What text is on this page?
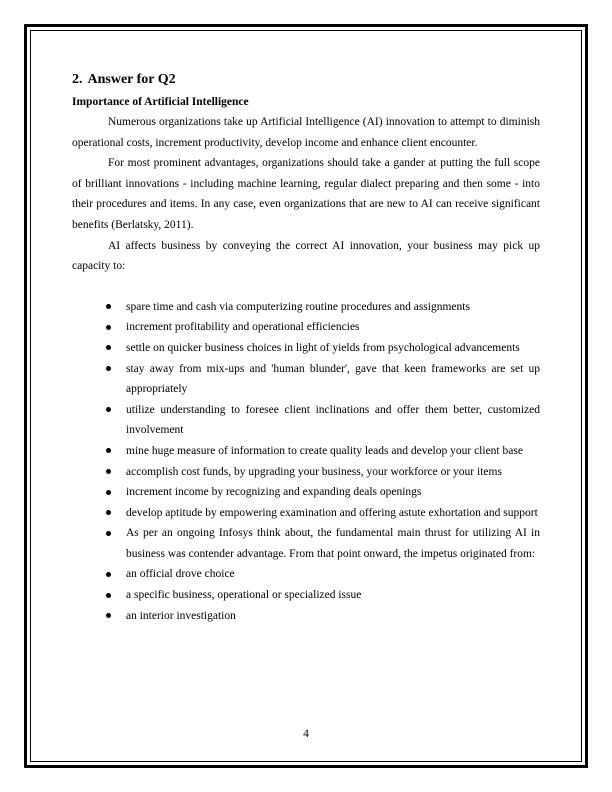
2. Answer for Q2
Importance of Artificial Intelligence

Numerous organizations take up Artificial Intelligence (AI) innovation to attempt to diminish operational costs, increment productivity, develop income and enhance client encounter.

For most prominent advantages, organizations should take a gander at putting the full scope of brilliant innovations - including machine learning, regular dialect preparing and then some - into their procedures and items. In any case, even organizations that are new to AI can receive significant benefits (Berlatsky, 2011).

AI affects business by conveying the correct AI innovation, your business may pick up capacity to:

spare time and cash via computerizing routine procedures and assignments
increment profitability and operational efficiencies
settle on quicker business choices in light of yields from psychological advancements
stay away from mix-ups and 'human blunder', gave that keen frameworks are set up appropriately
utilize understanding to foresee client inclinations and offer them better, customized involvement
mine huge measure of information to create quality leads and develop your client base
accomplish cost funds, by upgrading your business, your workforce or your items
increment income by recognizing and expanding deals openings
develop aptitude by empowering examination and offering astute exhortation and support
As per an ongoing Infosys think about, the fundamental main thrust for utilizing AI in business was contender advantage. From that point onward, the impetus originated from:
an official drove choice
a specific business, operational or specialized issue
an interior investigation
4
